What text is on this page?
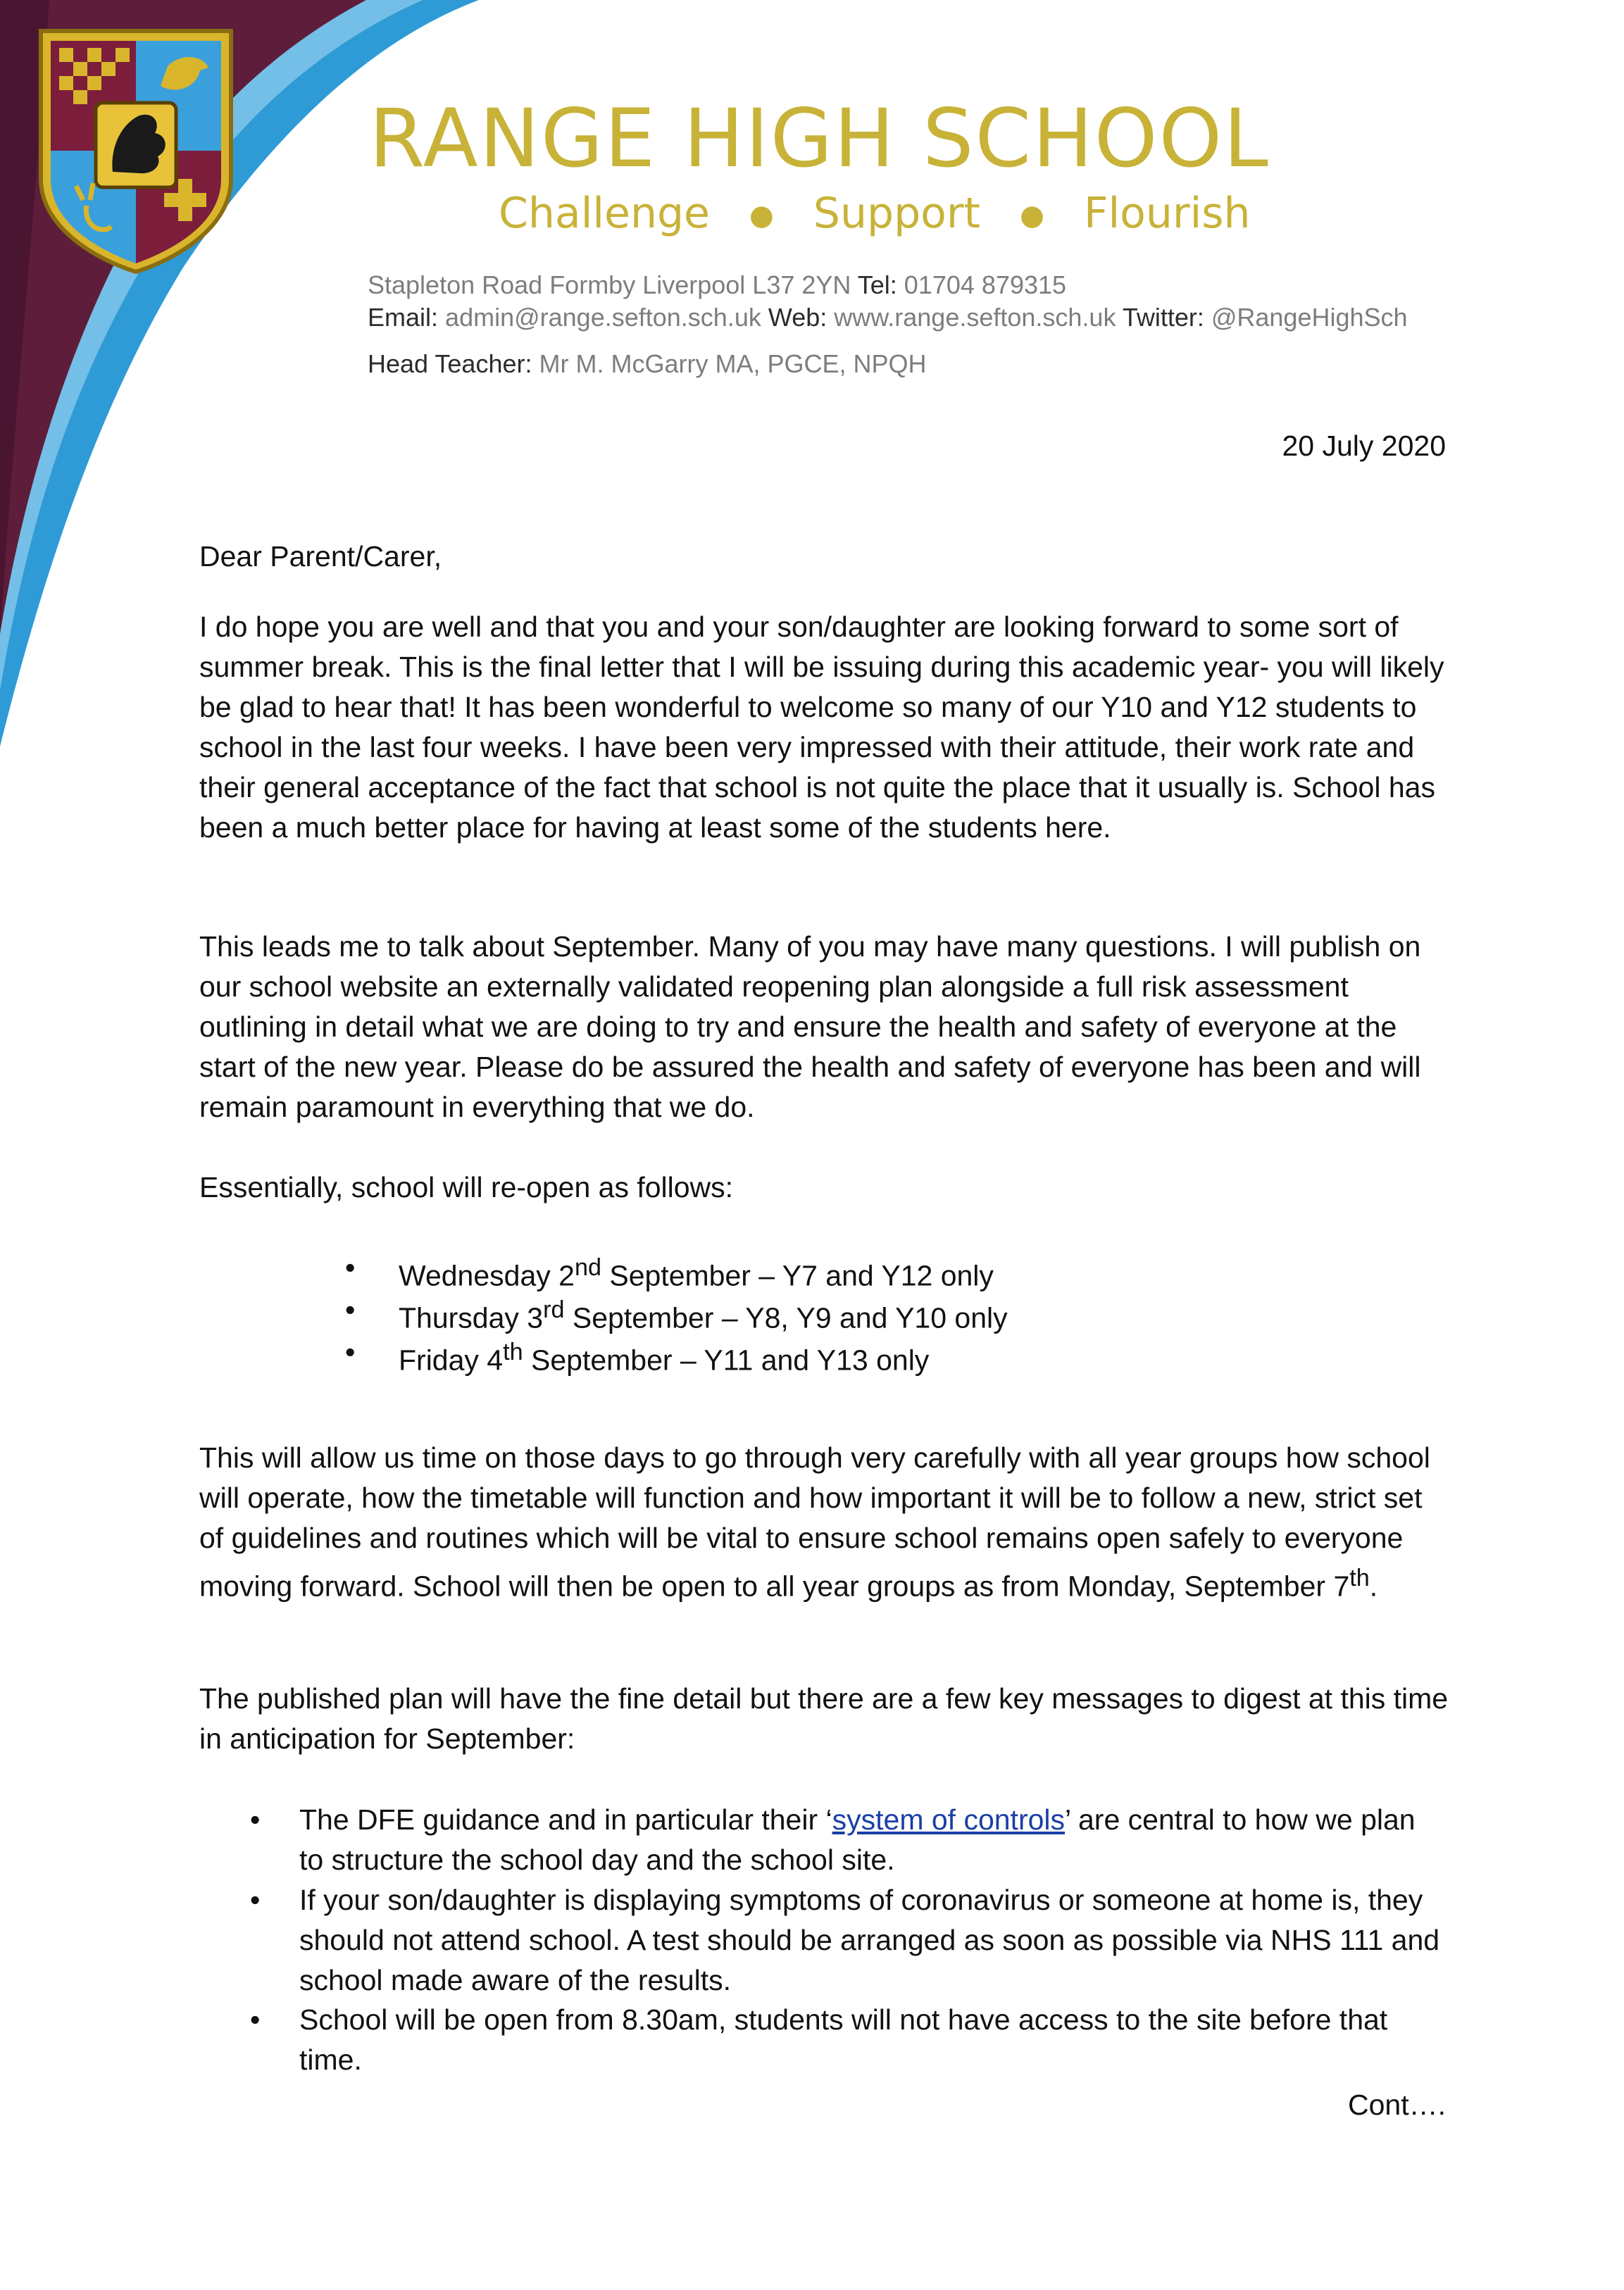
RANGE HIGH SCHOOL
Challenge ● Support ● Flourish
Stapleton Road Formby Liverpool L37 2YN Tel: 01704 879315
Email: admin@range.sefton.sch.uk Web: www.range.sefton.sch.uk Twitter: @RangeHighSch
Head Teacher: Mr M. McGarry MA, PGCE, NPQH
20 July 2020

Dear Parent/Carer,

I do hope you are well and that you and your son/daughter are looking forward to some sort of summer break. This is the final letter that I will be issuing during this academic year- you will likely be glad to hear that! It has been wonderful to welcome so many of our Y10 and Y12 students to school in the last four weeks. I have been very impressed with their attitude, their work rate and their general acceptance of the fact that school is not quite the place that it usually is. School has been a much better place for having at least some of the students here.

This leads me to talk about September. Many of you may have many questions. I will publish on our school website an externally validated reopening plan alongside a full risk assessment outlining in detail what we are doing to try and ensure the health and safety of everyone at the start of the new year. Please do be assured the health and safety of everyone has been and will remain paramount in everything that we do.

Essentially, school will re-open as follows:

• Wednesday 2nd September – Y7 and Y12 only
• Thursday 3rd September – Y8, Y9 and Y10 only
• Friday 4th September – Y11 and Y13 only

This will allow us time on those days to go through very carefully with all year groups how school will operate, how the timetable will function and how important it will be to follow a new, strict set of guidelines and routines which will be vital to ensure school remains open safely to everyone moving forward. School will then be open to all year groups as from Monday, September 7th.

The published plan will have the fine detail but there are a few key messages to digest at this time in anticipation for September:

• The DFE guidance and in particular their ‘system of controls’ are central to how we plan to structure the school day and the school site.
• If your son/daughter is displaying symptoms of coronavirus or someone at home is, they should not attend school. A test should be arranged as soon as possible via NHS 111 and school made aware of the results.
• School will be open from 8.30am, students will not have access to the site before that time.
Cont….
